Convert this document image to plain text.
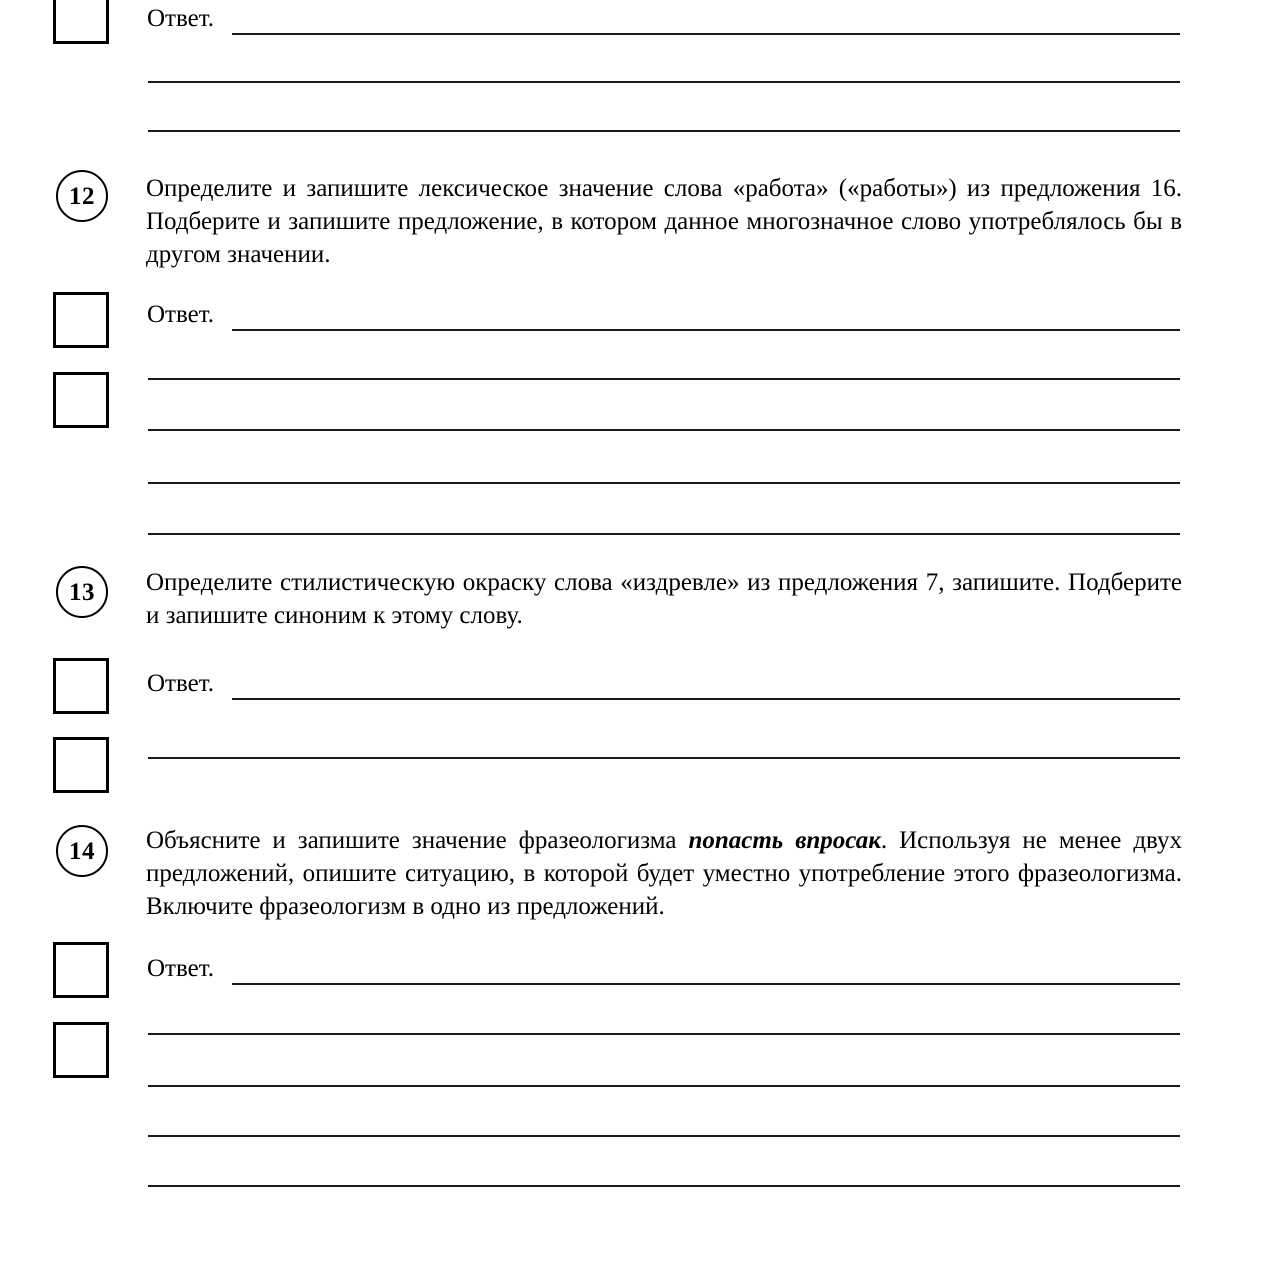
Ответ.
12	Определите и запишите лексическое значение слова «работа» («работы») из предложения 16. Подберите и запишите предложение, в котором данное многозначное слово употреблялось бы в другом значении.
Ответ.
13	Определите стилистическую окраску слова «издревле» из предложения 7, запишите. Подберите и запишите синоним к этому слову.
Ответ.
14	Объясните и запишите значение фразеологизма попасть впросак. Используя не менее двух предложений, опишите ситуацию, в которой будет уместно употребление этого фразеологизма. Включите фразеологизм в одно из предложений.
Ответ.
